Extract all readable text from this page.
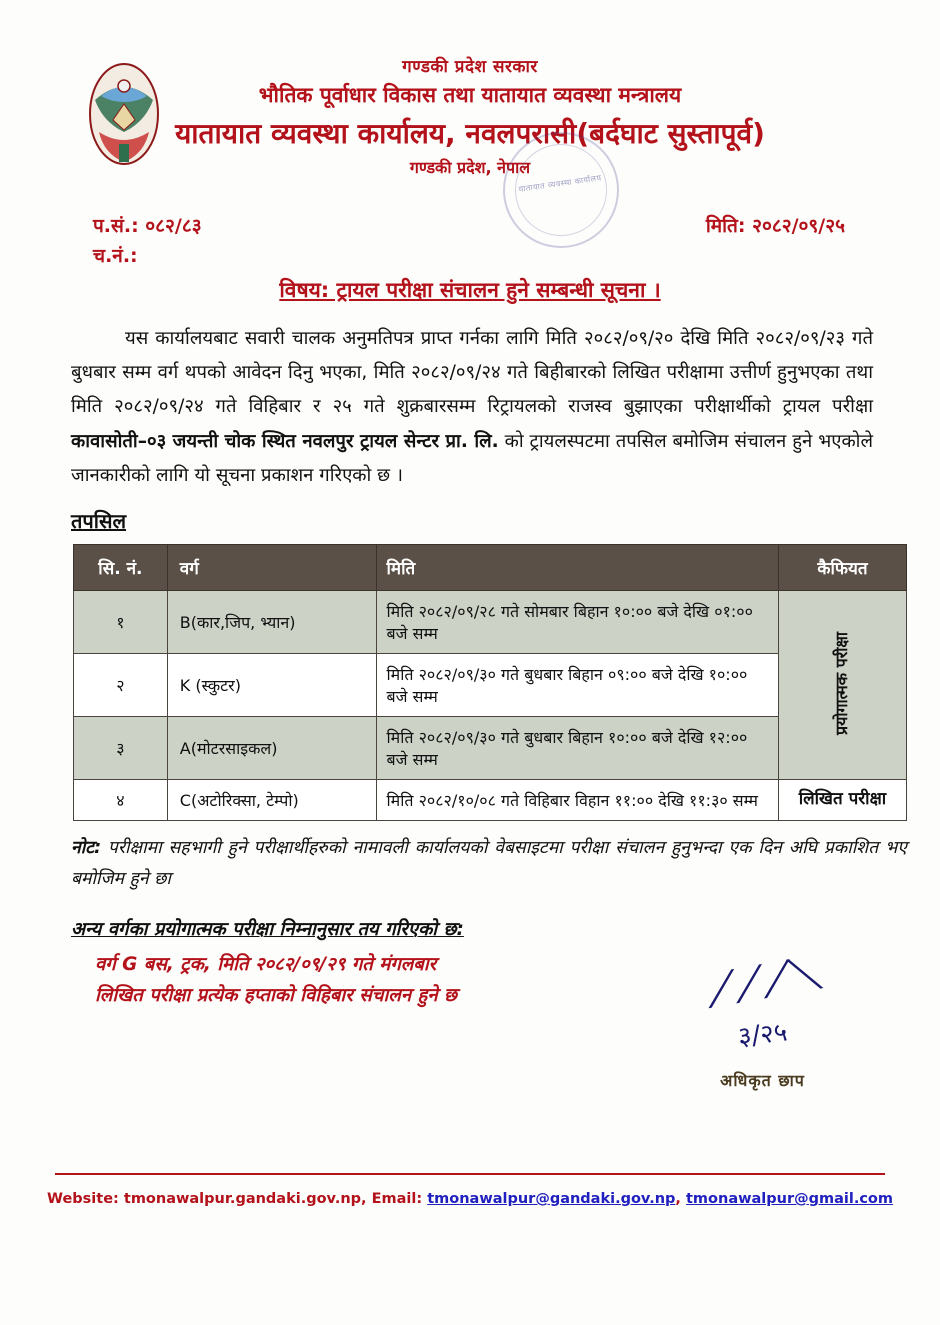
गण्डकी प्रदेश सरकार
भौतिक पूर्वाधार विकास तथा यातायात व्यवस्था मन्त्रालय
यातायात व्यवस्था कार्यालय, नवलपरासी(बर्दघाट सुस्तापूर्व)
गण्डकी प्रदेश, नेपाल
यातायात व्यवस्था कार्यालय
प.सं.: ०८२/८३
च.नं.:
मिति: २०८२/०९/२५
विषय: ट्रायल परीक्षा संचालन हुने सम्बन्धी सूचना ।
यस कार्यालयबाट सवारी चालक अनुमतिपत्र प्राप्त गर्नका लागि मिति २०८२/०९/२० देखि मिति २०८२/०९/२३ गते बुधबार सम्म वर्ग थपको आवेदन दिनु भएका, मिति २०८२/०९/२४ गते बिहीबारको लिखित परीक्षामा उत्तीर्ण हुनुभएका तथा मिति २०८२/०९/२४ गते विहिबार र २५ गते शुक्रबारसम्म रिट्रायलको राजस्व बुझाएका परीक्षार्थीको ट्रायल परीक्षा कावासोती–०३ जयन्ती चोक स्थित नवलपुर ट्रायल सेन्टर प्रा. लि. को ट्रायलस्पटमा तपसिल बमोजिम संचालन हुने भएकोले जानकारीको लागि यो सूचना प्रकाशन गरिएको छ ।
तपसिल
सि. नं.	वर्ग	मिति	कैफियत
१	B(कार,जिप, भ्यान)	मिति २०८२/०९/२८ गते सोमबार बिहान १०:०० बजे देखि ०१:०० बजे सम्म	प्रयोगात्मक परीक्षा
२	K (स्कुटर)	मिति २०८२/०९/३० गते बुधबार बिहान ०९:०० बजे देखि १०:०० बजे सम्म	
३	A(मोटरसाइकल)	मिति २०८२/०९/३० गते बुधबार बिहान १०:०० बजे देखि १२:०० बजे सम्म	
४	C(अटोरिक्सा, टेम्पो)	मिति २०८२/१०/०८ गते विहिबार विहान ११:०० देखि ११:३० सम्म	लिखित परीक्षा
नोट: परीक्षामा सहभागी हुने परीक्षार्थीहरुको नामावली कार्यालयको वेबसाइटमा परीक्षा संचालन हुनुभन्दा एक दिन अघि प्रकाशित भए बमोजिम हुने छा
अन्य वर्गका प्रयोगात्मक परीक्षा निम्नानुसार तय गरिएको छ:
वर्ग G बस, ट्रक, मिति २०८२/०९/२९ गते मंगलबार
लिखित परीक्षा प्रत्येक हप्ताको विहिबार संचालन हुने छ	⟋⟋⟋⟍
३/२५
अधिकृत छाप
Website: tmonawalpur.gandaki.gov.np, Email: tmonawalpur@gandaki.gov.np, tmonawalpur@gmail.com
